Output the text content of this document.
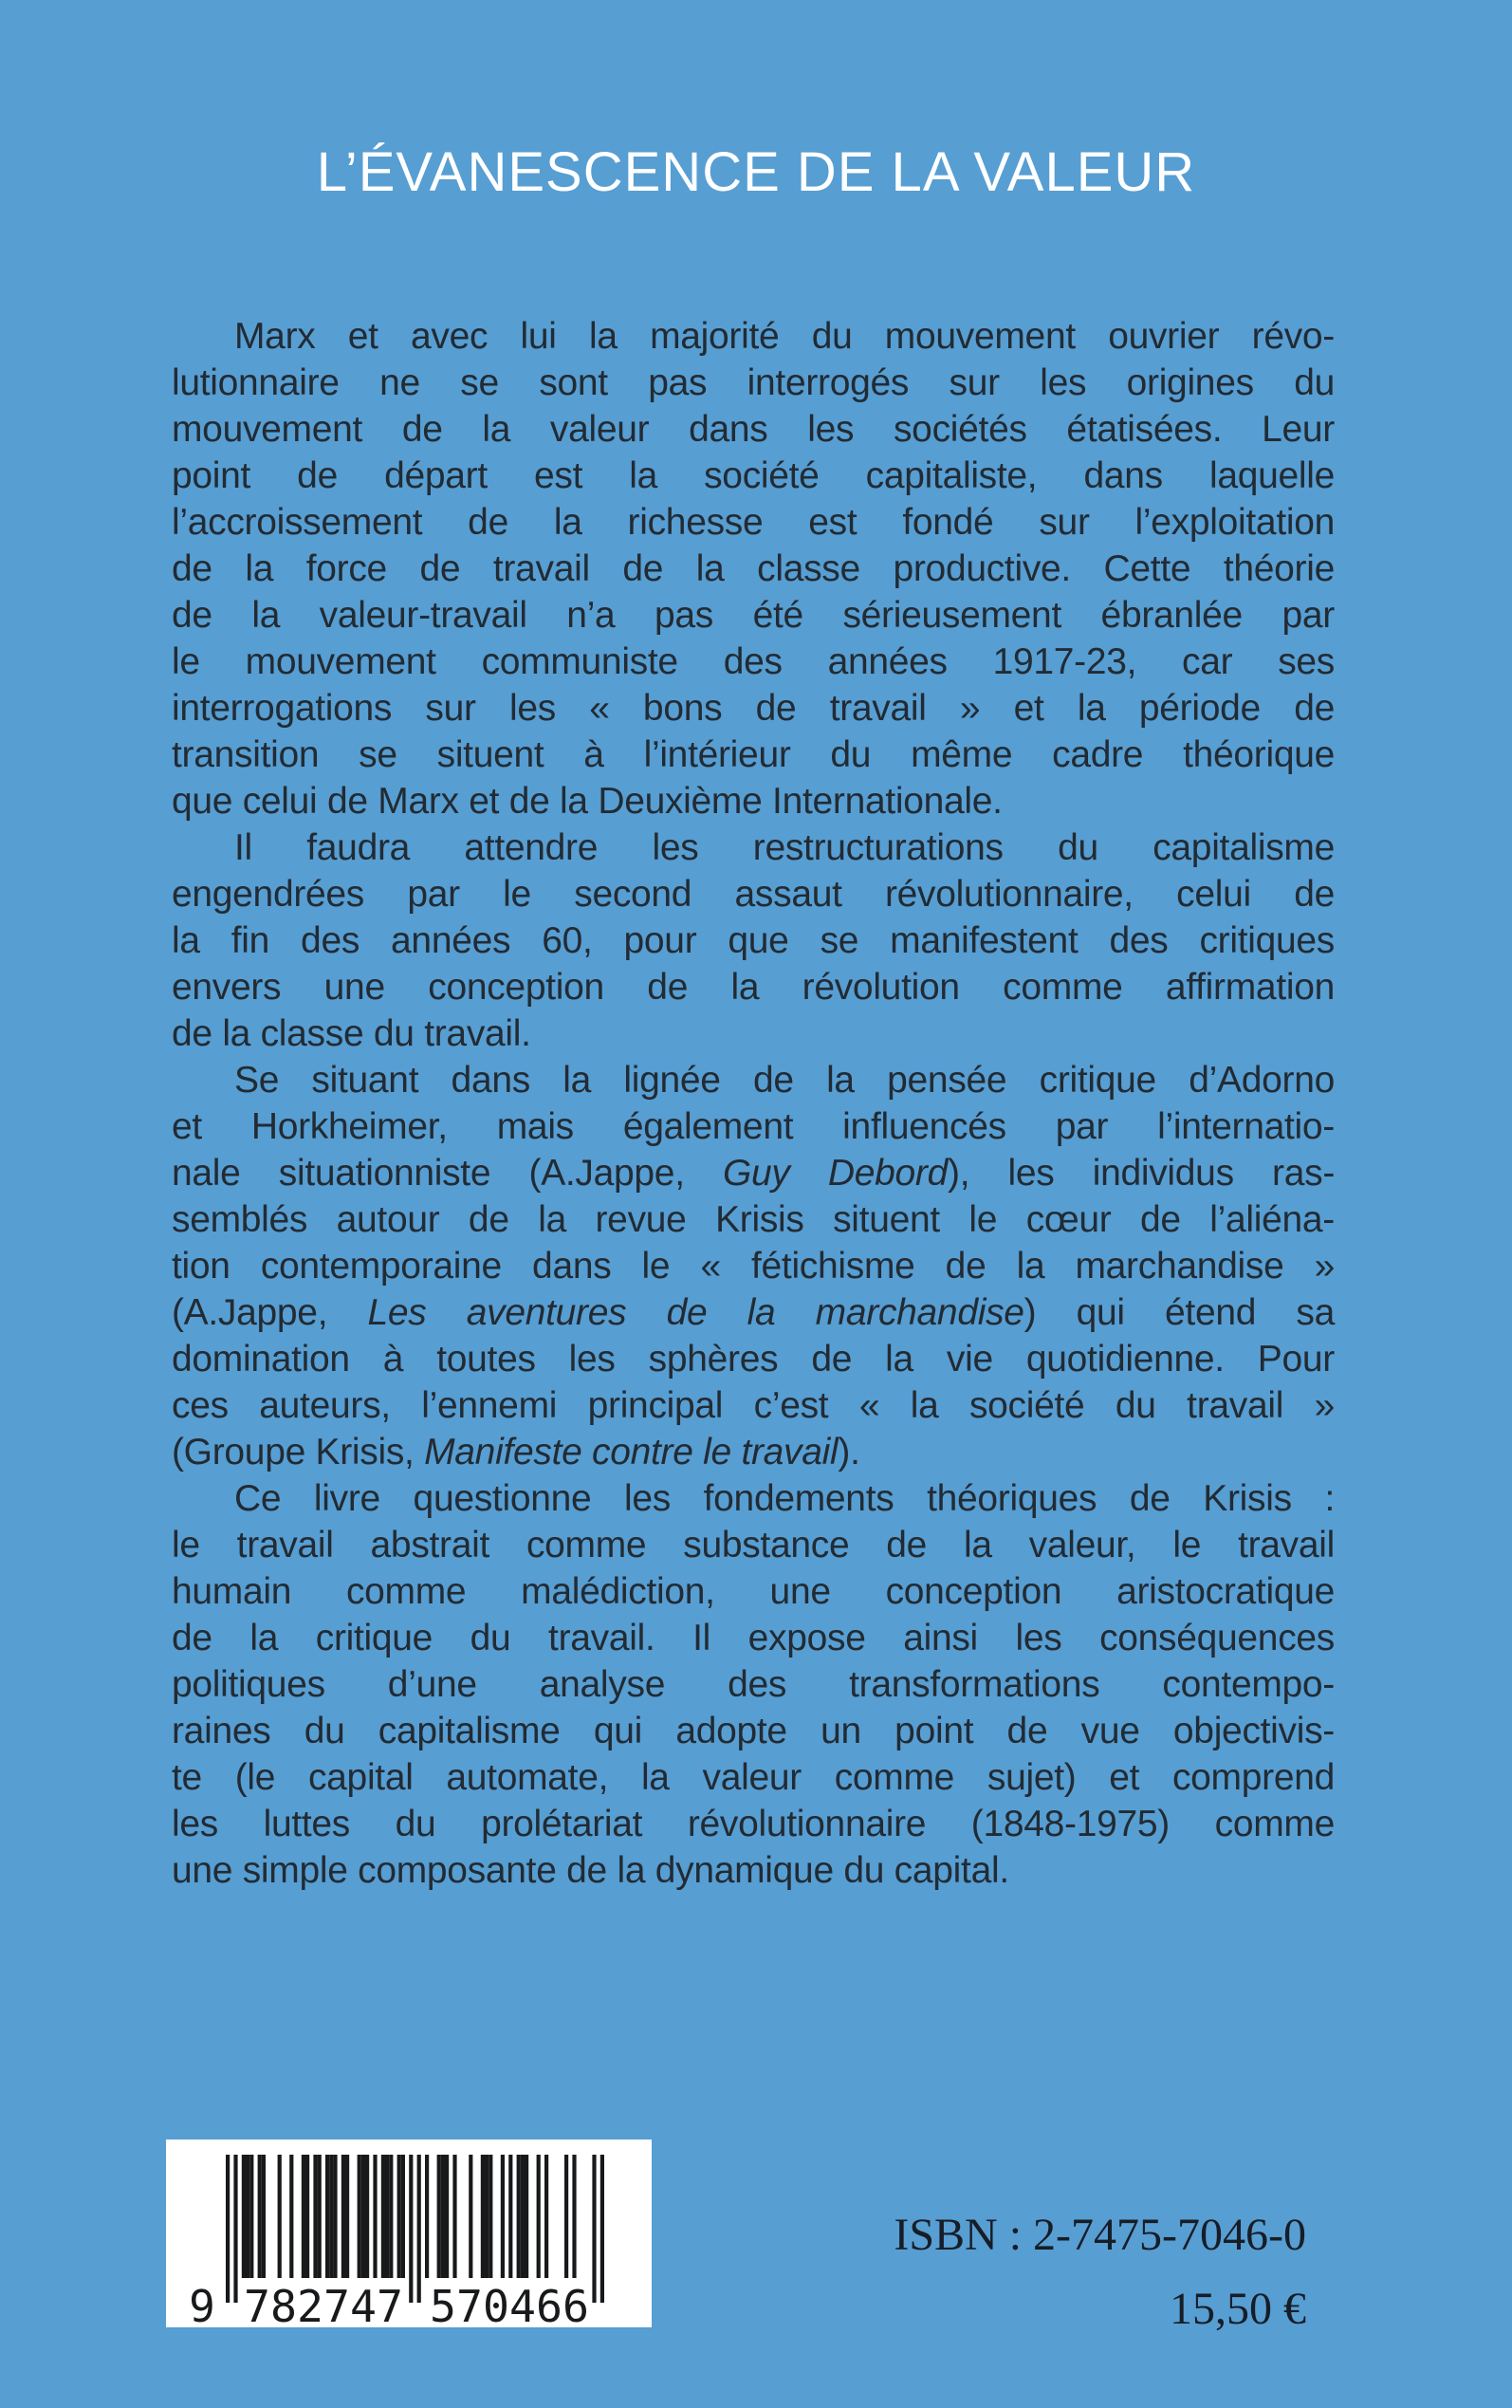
L’ÉVANESCENCE DE LA VALEUR
Marx et avec lui la majorité du mouvement ouvrier révo-
lutionnaire ne se sont pas interrogés sur les origines du
mouvement de la valeur dans les sociétés étatisées. Leur
point de départ est la société capitaliste, dans laquelle
l’accroissement de la richesse est fondé sur l’exploitation
de la force de travail de la classe productive. Cette théorie
de la valeur-travail n’a pas été sérieusement ébranlée par
le mouvement communiste des années 1917-23, car ses
interrogations sur les « bons de travail » et la période de
transition se situent à l’intérieur du même cadre théorique
que celui de Marx et de la Deuxième Internationale.
Il faudra attendre les restructurations du capitalisme
engendrées par le second assaut révolutionnaire, celui de
la fin des années 60, pour que se manifestent des critiques
envers une conception de la révolution comme affirmation
de la classe du travail.
Se situant dans la lignée de la pensée critique d’Adorno
et Horkheimer, mais également influencés par l’internatio-
nale situationniste (A.Jappe, Guy Debord), les individus ras-
semblés autour de la revue Krisis situent le cœur de l’aliéna-
tion contemporaine dans le « fétichisme de la marchandise »
(A.Jappe, Les aventures de la marchandise) qui étend sa
domination à toutes les sphères de la vie quotidienne. Pour
ces auteurs, l’ennemi principal c’est « la société du travail »
(Groupe Krisis, Manifeste contre le travail).
Ce livre questionne les fondements théoriques de Krisis :
le travail abstrait comme substance de la valeur, le travail
humain comme malédiction, une conception aristocratique
de la critique du travail. Il expose ainsi les conséquences
politiques d’une analyse des transformations contempo-
raines du capitalisme qui adopte un point de vue objectivis-
te (le capital automate, la valeur comme sujet) et comprend
les luttes du prolétariat révolutionnaire (1848-1975) comme
une simple composante de la dynamique du capital.
9 782747 570466
ISBN : 2-7475-7046-0
15,50 €
